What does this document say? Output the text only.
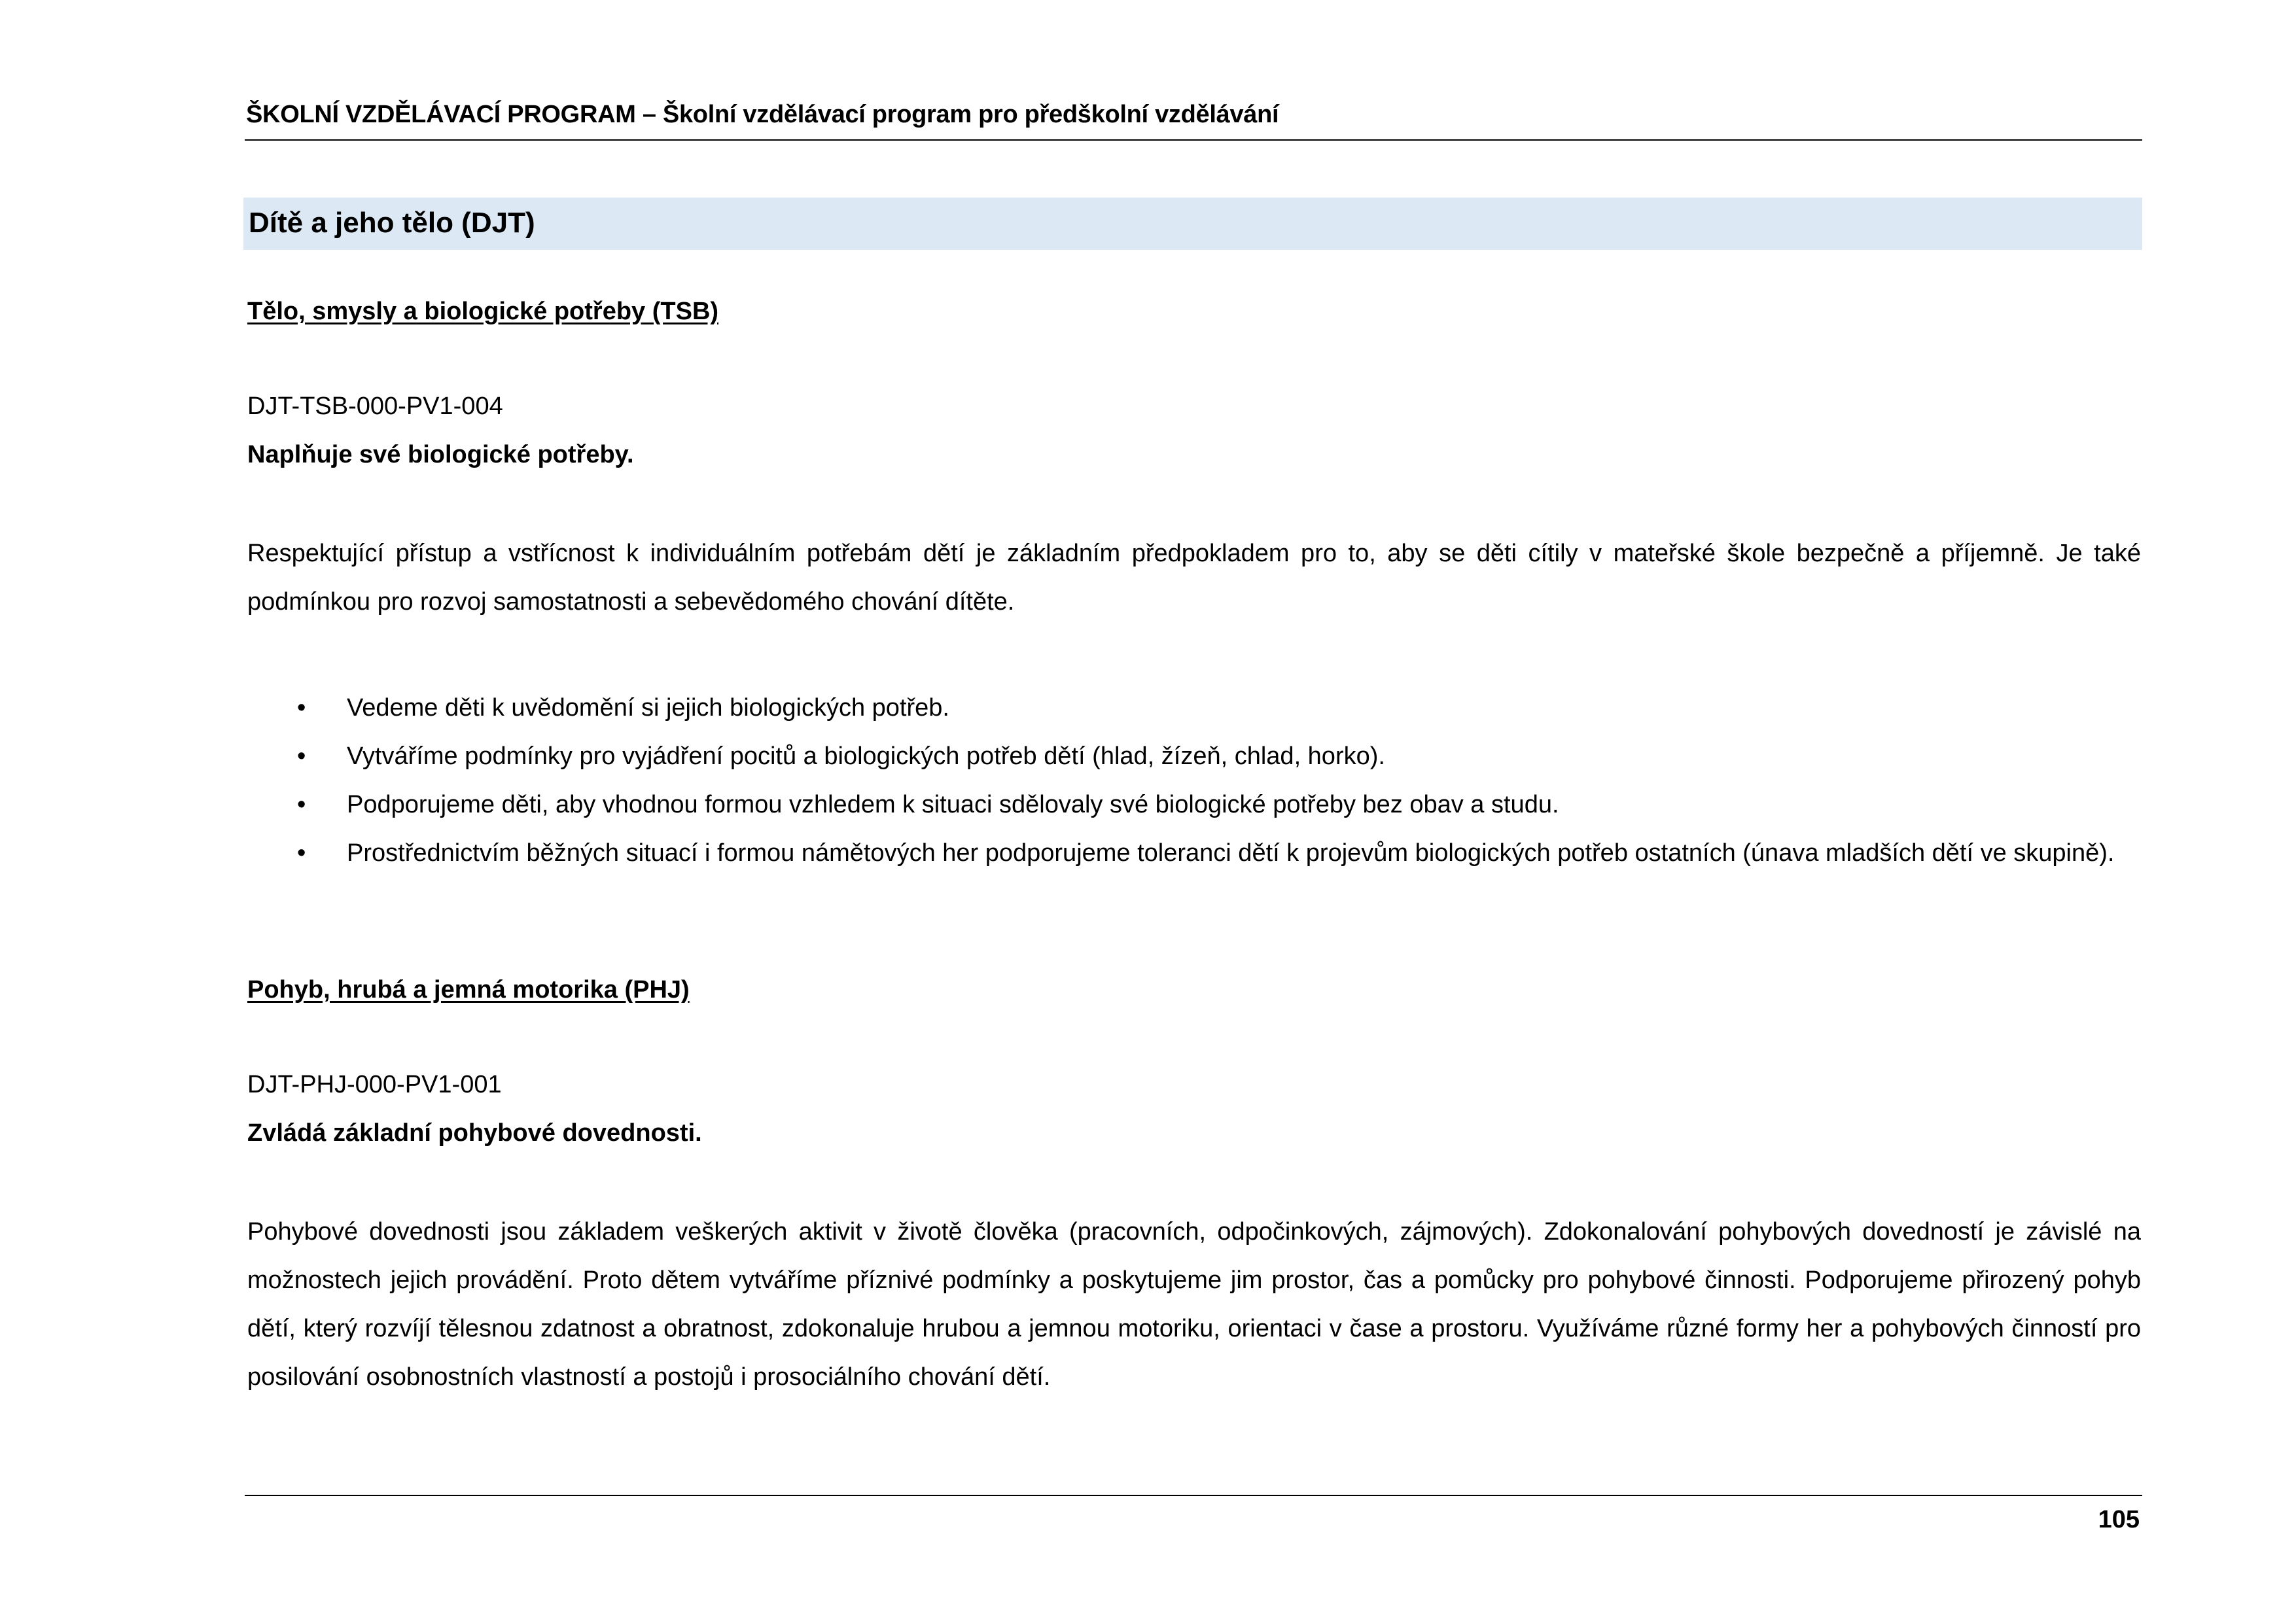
ŠKOLNÍ VZDĚLÁVACÍ PROGRAM – Školní vzdělávací program pro předškolní vzdělávání
Dítě a jeho tělo (DJT)
Tělo, smysly a biologické potřeby (TSB)
DJT-TSB-000-PV1-004
Naplňuje své biologické potřeby.
Respektující přístup a vstřícnost k individuálním potřebám dětí je základním předpokladem pro to, aby se děti cítily v mateřské škole bezpečně a příjemně. Je také podmínkou pro rozvoj samostatnosti a sebevědomého chování dítěte.
• Vedeme děti k uvědomění si jejich biologických potřeb.
• Vytváříme podmínky pro vyjádření pocitů a biologických potřeb dětí (hlad, žízeň, chlad, horko).
• Podporujeme děti, aby vhodnou formou vzhledem k situaci sdělovaly své biologické potřeby bez obav a studu.
• Prostřednictvím běžných situací i formou námětových her podporujeme toleranci dětí k projevům biologických potřeb ostatních (únava mladších dětí ve skupině).
Pohyb, hrubá a jemná motorika (PHJ)
DJT-PHJ-000-PV1-001
Zvládá základní pohybové dovednosti.
Pohybové dovednosti jsou základem veškerých aktivit v životě člověka (pracovních, odpočinkových, zájmových). Zdokonalování pohybových dovedností je závislé na možnostech jejich provádění. Proto dětem vytváříme příznivé podmínky a poskytujeme jim prostor, čas a pomůcky pro pohybové činnosti. Podporujeme přirozený pohyb dětí, který rozvíjí tělesnou zdatnost a obratnost, zdokonaluje hrubou a jemnou motoriku, orientaci v čase a prostoru. Využíváme různé formy her a pohybových činností pro posilování osobnostních vlastností a postojů i prosociálního chování dětí.
105
